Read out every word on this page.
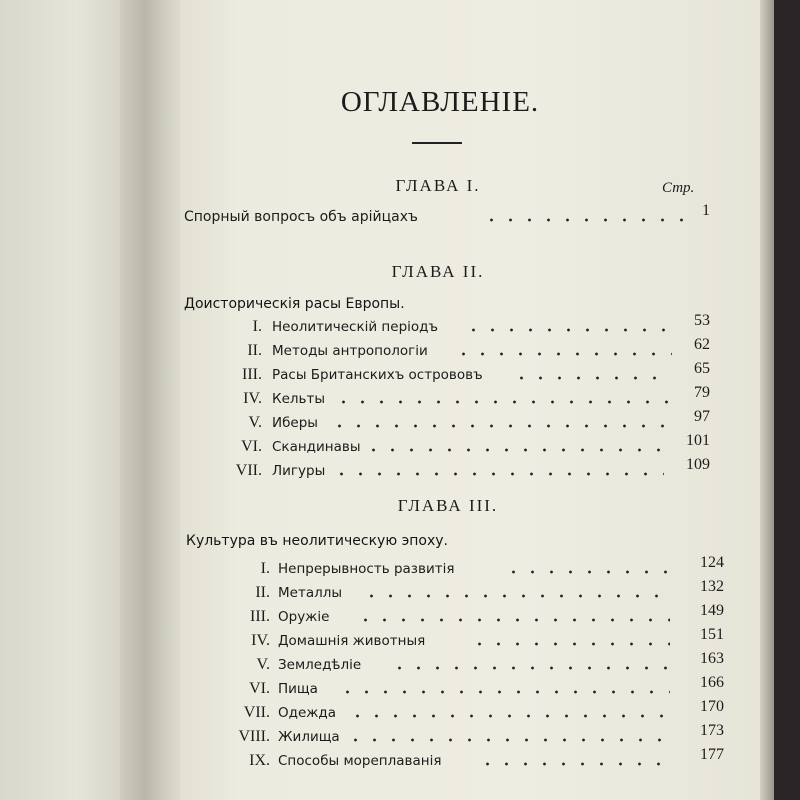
ОГЛАВЛЕНІЕ.
ГЛАВА I.	Стр.
Спорный вопросъ объ арійцахъ	1
ГЛАВА II.
Доисторическія расы Европы.
I. Неолитическій періодъ	53
II. Методы антропологіи	62
III. Расы Британскихъ острововъ	65
IV. Кельты	79
V. Иберы	97
VI. Скандинавы	101
VII. Лигуры	109
ГЛАВА III.
Культура въ неолитическую эпоху.
I. Непрерывность развитія	124
II. Металлы	132
III. Оружіе	149
IV. Домашнія животныя	151
V. Земледѣліе	163
VI. Пища	166
VII. Одежда	170
VIII. Жилища	173
IX. Способы мореплаванія	177
